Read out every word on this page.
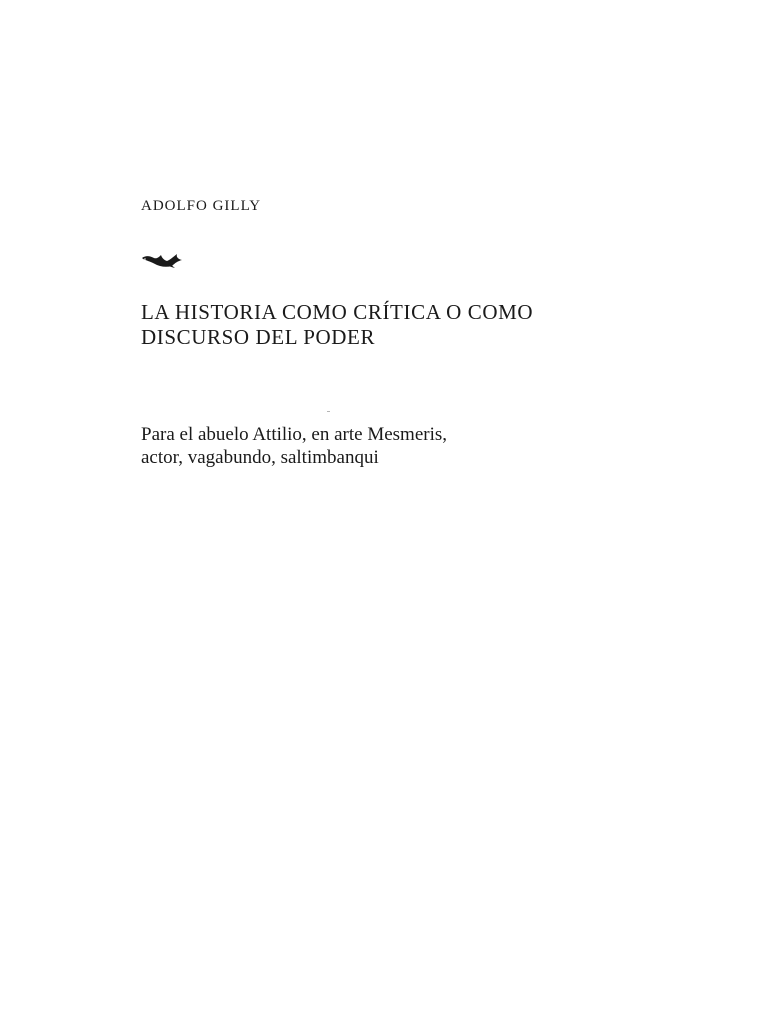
ADOLFO GILLY
LA HISTORIA COMO CRÍTICA O COMO
DISCURSO DEL PODER
Para el abuelo Attilio, en arte Mesmeris,
actor, vagabundo, saltimbanqui
